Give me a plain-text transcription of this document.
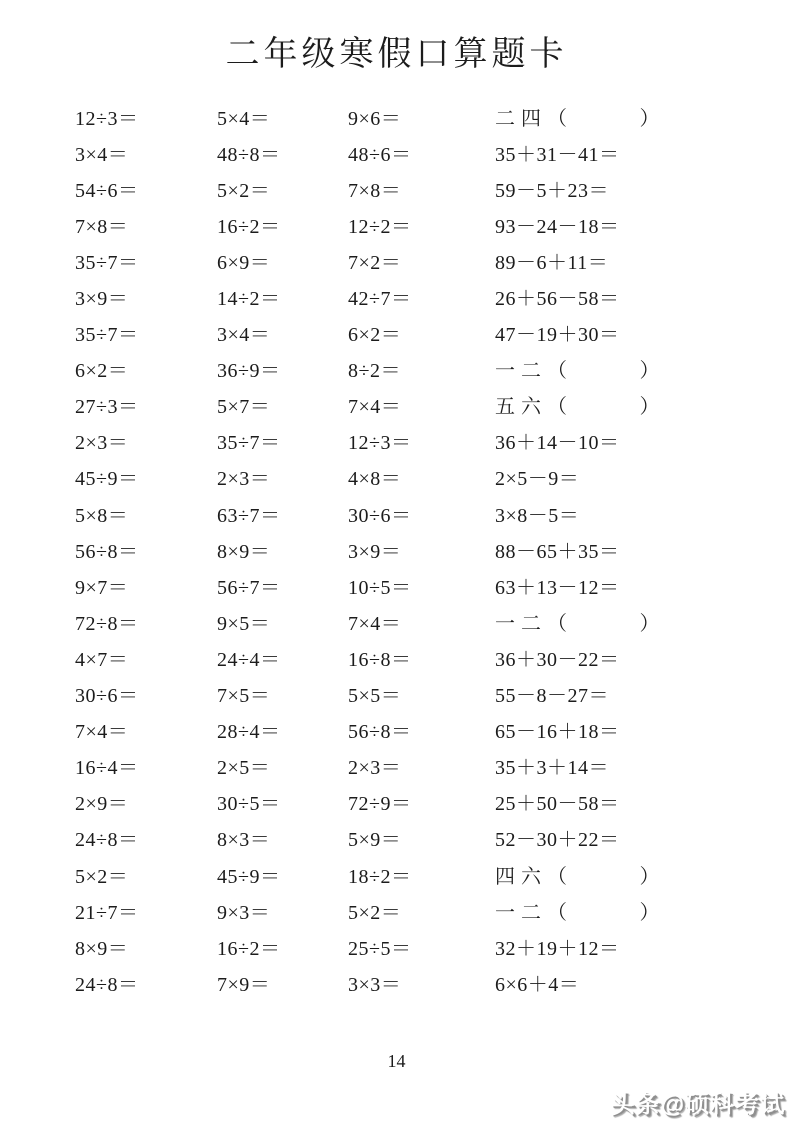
二年级寒假口算题卡
12÷3＝	5×4＝	9×6＝	二 四 （	）
3×4＝	48÷8＝	48÷6＝	35＋31－41＝
54÷6＝	5×2＝	7×8＝	59－5＋23＝
7×8＝	16÷2＝	12÷2＝	93－24－18＝
35÷7＝	6×9＝	7×2＝	89－6＋11＝
3×9＝	14÷2＝	42÷7＝	26＋56－58＝
35÷7＝	3×4＝	6×2＝	47－19＋30＝
6×2＝	36÷9＝	8÷2＝	一 二 （	）
27÷3＝	5×7＝	7×4＝	五 六 （	）
2×3＝	35÷7＝	12÷3＝	36＋14－10＝
45÷9＝	2×3＝	4×8＝	2×5－9＝
5×8＝	63÷7＝	30÷6＝	3×8－5＝
56÷8＝	8×9＝	3×9＝	88－65＋35＝
9×7＝	56÷7＝	10÷5＝	63＋13－12＝
72÷8＝	9×5＝	7×4＝	一 二 （	）
4×7＝	24÷4＝	16÷8＝	36＋30－22＝
30÷6＝	7×5＝	5×5＝	55－8－27＝
7×4＝	28÷4＝	56÷8＝	65－16＋18＝
16÷4＝	2×5＝	2×3＝	35＋3＋14＝
2×9＝	30÷5＝	72÷9＝	25＋50－58＝
24÷8＝	8×3＝	5×9＝	52－30＋22＝
5×2＝	45÷9＝	18÷2＝	四 六 （	）
21÷7＝	9×3＝	5×2＝	一 二 （	）
8×9＝	16÷2＝	25÷5＝	32＋19＋12＝
24÷8＝	7×9＝	3×3＝	6×6＋4＝
14
头条@硕科考试
